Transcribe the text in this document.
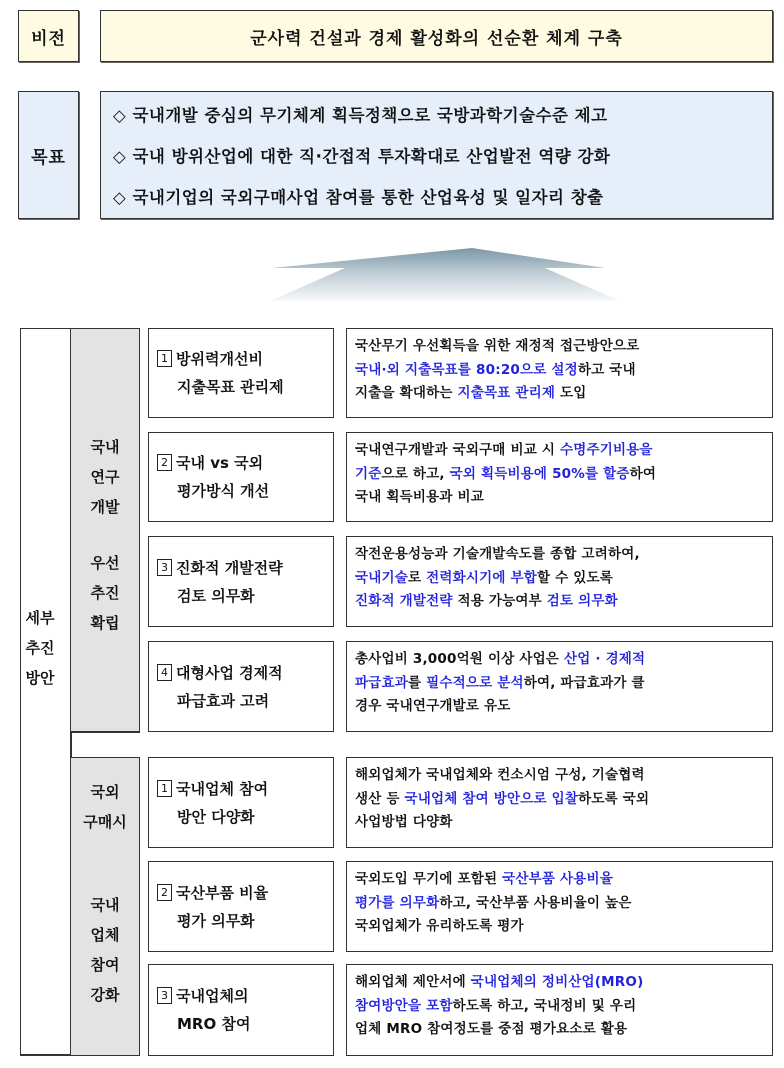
비전	군사력 건설과 경제 활성화의 선순환 체계 구축
목표
◇ 국내개발 중심의 무기체계 획득정책으로 국방과학기술수준 제고
◇ 국내 방위산업에 대한 직·간접적 투자확대로 산업발전 역량 강화
◇ 국내기업의 국외구매사업 참여를 통한 산업육성 및 일자리 창출
세부
추진
방안
국내
연구
개발
우선
추진
확립
국외
구매시
국내
업체
참여
강화
1 방위력개선비
지출목표 관리제
국산무기 우선획득을 위한 재정적 접근방안으로
국내·외 지출목표를 80:20으로 설정하고 국내
지출을 확대하는 지출목표 관리제 도입
2 국내 vs 국외
평가방식 개선
국내연구개발과 국외구매 비교 시 수명주기비용을
기준으로 하고, 국외 획득비용에 50%를 할증하여
국내 획득비용과 비교
3 진화적 개발전략
검토 의무화
작전운용성능과 기술개발속도를 종합 고려하여,
국내기술로 전력화시기에 부합할 수 있도록
진화적 개발전략 적용 가능여부 검토 의무화
4 대형사업 경제적
파급효과 고려
총사업비 3,000억원 이상 사업은 산업 · 경제적
파급효과를 필수적으로 분석하여, 파급효과가 클
경우 국내연구개발로 유도
1 국내업체 참여
방안 다양화
해외업체가 국내업체와 컨소시엄 구성, 기술협력
생산 등 국내업체 참여 방안으로 입찰하도록 국외
사업방법 다양화
2 국산부품 비율
평가 의무화
국외도입 무기에 포함된 국산부품 사용비율
평가를 의무화하고, 국산부품 사용비율이 높은
국외업체가 유리하도록 평가
3 국내업체의
MRO 참여
해외업체 제안서에 국내업체의 정비산업(MRO)
참여방안을 포함하도록 하고, 국내정비 및 우리
업체 MRO 참여정도를 중점 평가요소로 활용
